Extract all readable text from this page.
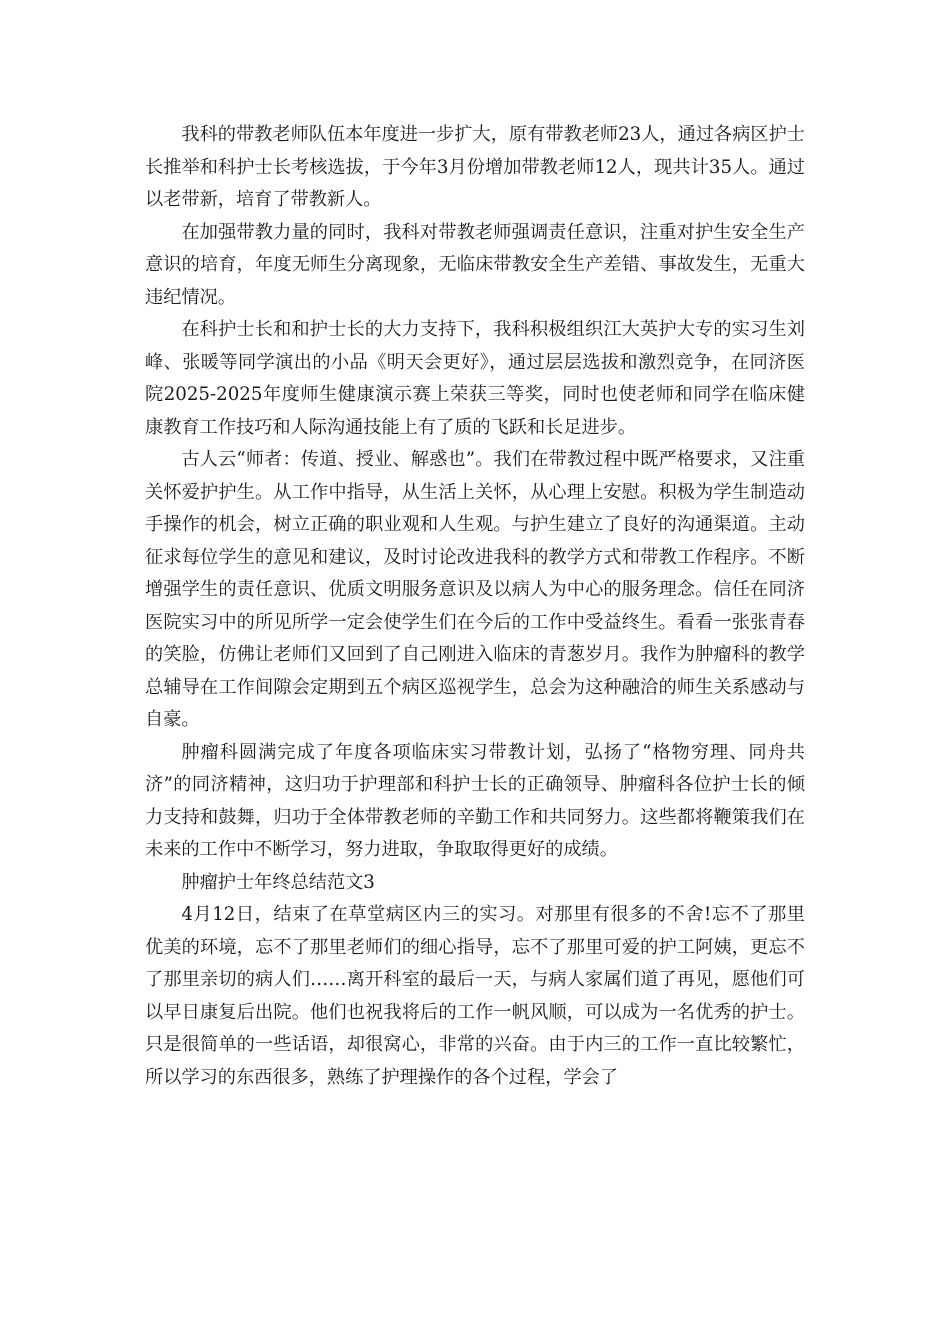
我科的带教老师队伍本年度进一步扩大，原有带教老师23人，通过各病区护士长推举和科护士长考核选拔，于今年3月份增加带教老师12人，现共计35人。通过以老带新，培育了带教新人。

在加强带教力量的同时，我科对带教老师强调责任意识，注重对护生安全生产意识的培育，年度无师生分离现象，无临床带教安全生产差错、事故发生，无重大违纪情况。

在科护士长和和护士长的大力支持下，我科积极组织江大英护大专的实习生刘峰、张暖等同学演出的小品《明天会更好》，通过层层选拔和激烈竞争，在同济医院2025-2025年度师生健康演示赛上荣获三等奖，同时也使老师和同学在临床健康教育工作技巧和人际沟通技能上有了质的飞跃和长足进步。

古人云“师者：传道、授业、解惑也”。我们在带教过程中既严格要求，又注重关怀爱护护生。从工作中指导，从生活上关怀，从心理上安慰。积极为学生制造动手操作的机会，树立正确的职业观和人生观。与护生建立了良好的沟通渠道。主动征求每位学生的意见和建议，及时讨论改进我科的教学方式和带教工作程序。不断增强学生的责任意识、优质文明服务意识及以病人为中心的服务理念。信任在同济医院实习中的所见所学一定会使学生们在今后的工作中受益终生。看看一张张青春的笑脸，仿佛让老师们又回到了自己刚进入临床的青葱岁月。我作为肿瘤科的教学总辅导在工作间隙会定期到五个病区巡视学生，总会为这种融洽的师生关系感动与自豪。

肿瘤科圆满完成了年度各项临床实习带教计划，弘扬了“格物穷理、同舟共济”的同济精神，这归功于护理部和科护士长的正确领导、肿瘤科各位护士长的倾力支持和鼓舞，归功于全体带教老师的辛勤工作和共同努力。这些都将鞭策我们在未来的工作中不断学习，努力进取，争取取得更好的成绩。

肿瘤护士年终总结范文3

4月12日，结束了在草堂病区内三的实习。对那里有很多的不舍!忘不了那里优美的环境，忘不了那里老师们的细心指导，忘不了那里可爱的护工阿姨，更忘不了那里亲切的病人们……离开科室的最后一天，与病人家属们道了再见，愿他们可以早日康复后出院。他们也祝我将后的工作一帆风顺，可以成为一名优秀的护士。只是很简单的一些话语，却很窝心，非常的兴奋。由于内三的工作一直比较繁忙，所以学习的东西很多，熟练了护理操作的各个过程，学会了
